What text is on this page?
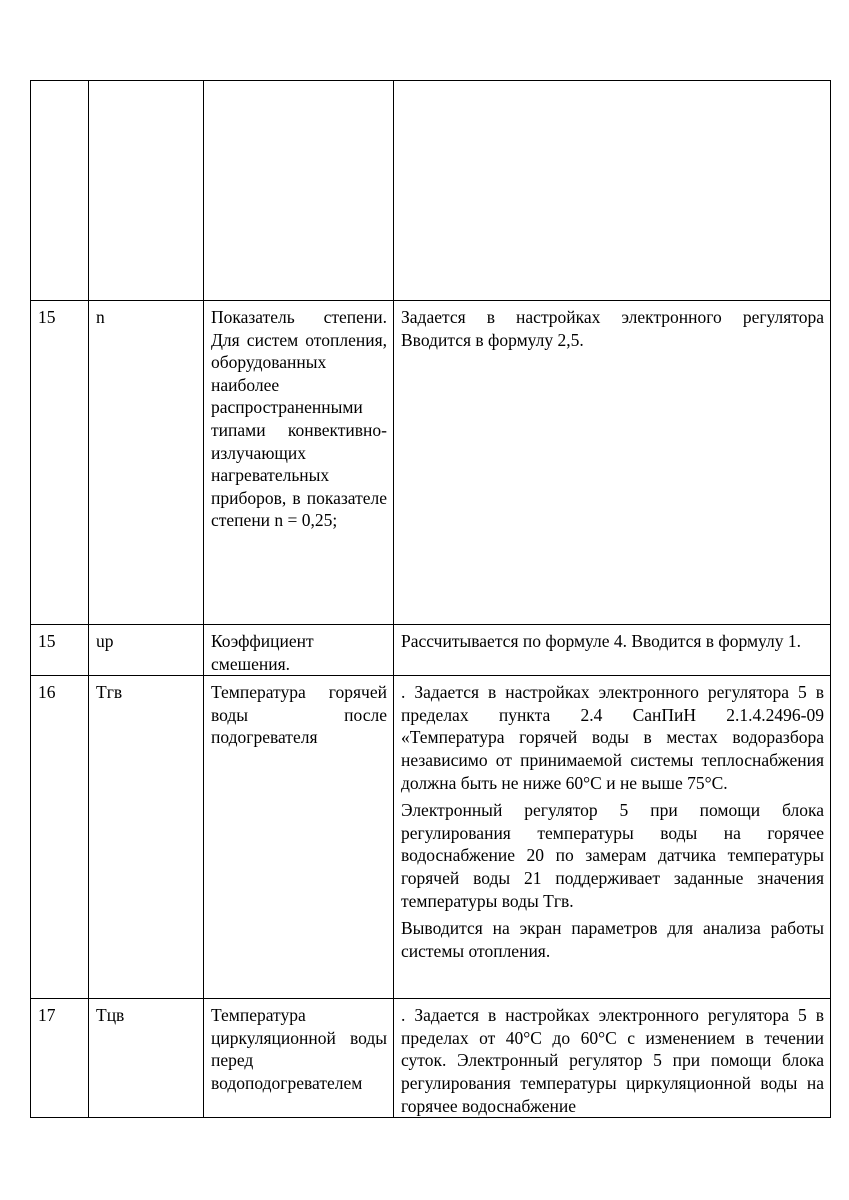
15	n	Показатель степени. Для систем отопления, оборудованных наиболее распространенными типами конвективно-излучающих нагревательных приборов, в показателе степени n = 0,25;	Задается в настройках электронного регулятора Вводится в формулу 2,5.

15	up	Коэффициент смешения.	Рассчитывается по формуле 4. Вводится в формулу 1.

16	Тгв	Температура горячей воды после подогревателя	. Задается в настройках электронного регулятора 5 в пределах пункта 2.4 СанПиН 2.1.4.2496-09 «Температура горячей воды в местах водоразбора независимо от принимаемой системы теплоснабжения должна быть не ниже 60°C и не выше 75°C.

Электронный регулятор 5 при помощи блока регулирования температуры воды на горячее водоснабжение 20 по замерам датчика температуры горячей воды 21 поддерживает заданные значения температуры воды Тгв.

Выводится на экран параметров для анализа работы системы отопления.

17	Тцв	Температура циркуляционной воды перед водоподогревателем	. Задается в настройках электронного регулятора 5 в пределах от 40°C до 60°C с изменением в течении суток. Электронный регулятор 5 при помощи блока регулирования температуры циркуляционной воды на горячее водоснабжение
